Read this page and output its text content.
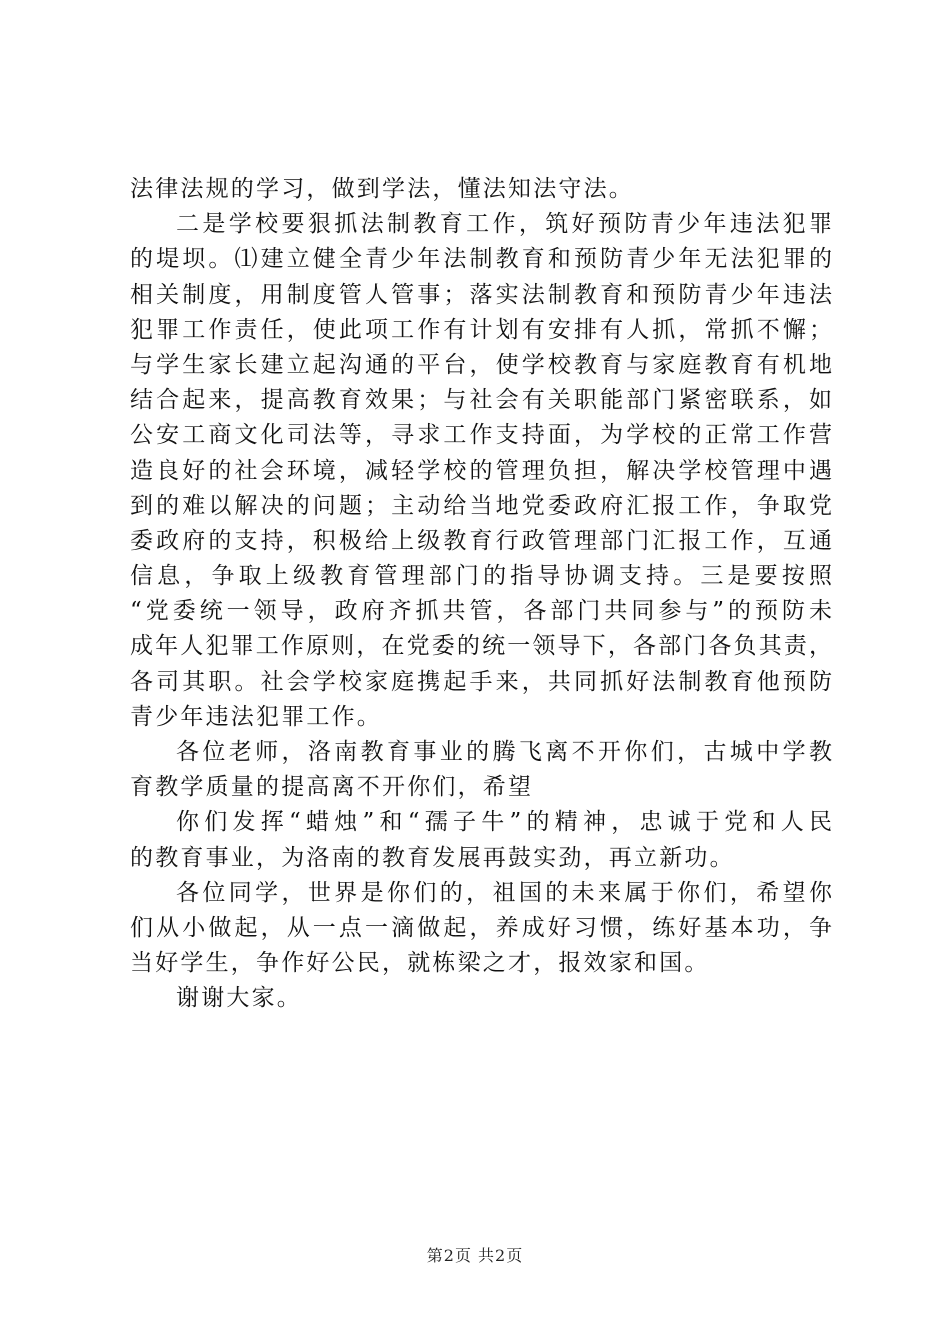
法律法规的学习，做到学法，懂法知法守法。
二是学校要狠抓法制教育工作，筑好预防青少年违法犯罪
的堤坝。⑴建立健全青少年法制教育和预防青少年无法犯罪的
相关制度，用制度管人管事；落实法制教育和预防青少年违法
犯罪工作责任，使此项工作有计划有安排有人抓，常抓不懈；
与学生家长建立起沟通的平台，使学校教育与家庭教育有机地
结合起来，提高教育效果；与社会有关职能部门紧密联系，如
公安工商文化司法等，寻求工作支持面，为学校的正常工作营
造良好的社会环境，减轻学校的管理负担，解决学校管理中遇
到的难以解决的问题；主动给当地党委政府汇报工作，争取党
委政府的支持，积极给上级教育行政管理部门汇报工作，互通
信息，争取上级教育管理部门的指导协调支持。三是要按照
“党委统一领导，政府齐抓共管，各部门共同参与”的预防未
成年人犯罪工作原则，在党委的统一领导下，各部门各负其责，
各司其职。社会学校家庭携起手来，共同抓好法制教育他预防
青少年违法犯罪工作。
各位老师，洛南教育事业的腾飞离不开你们，古城中学教
育教学质量的提高离不开你们，希望
你们发挥“蜡烛”和“孺子牛”的精神，忠诚于党和人民
的教育事业，为洛南的教育发展再鼓实劲，再立新功。
各位同学，世界是你们的，祖国的未来属于你们，希望你
们从小做起，从一点一滴做起，养成好习惯，练好基本功，争
当好学生，争作好公民，就栋梁之才，报效家和国。
谢谢大家。
第2页 共2页
